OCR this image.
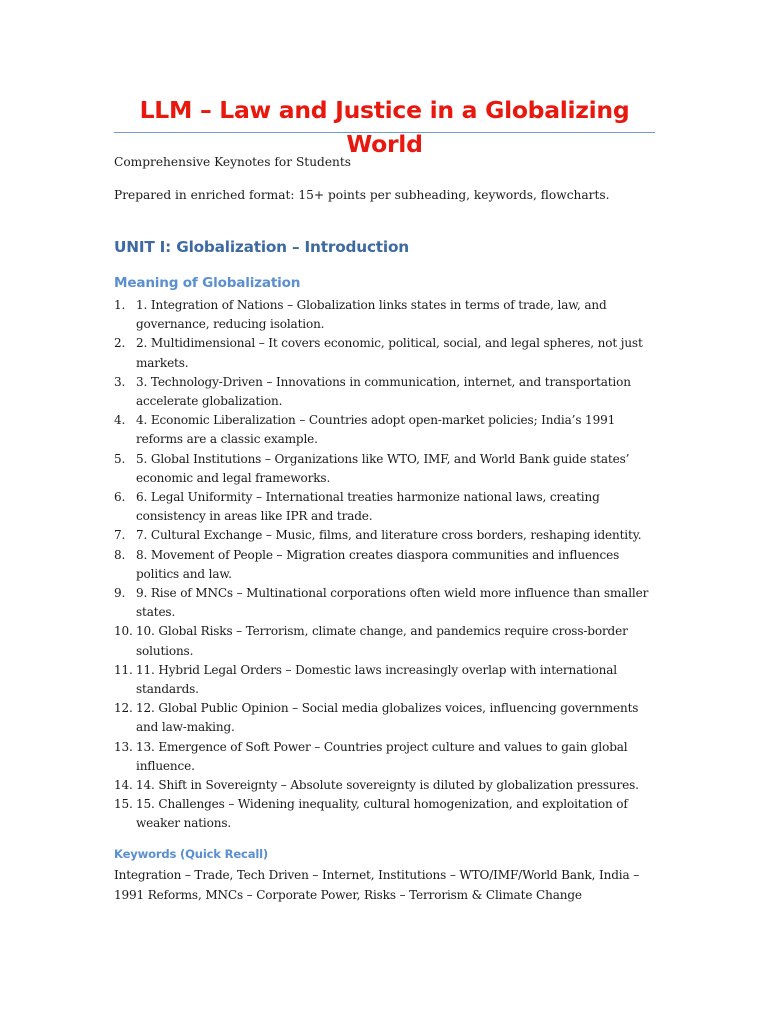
LLM – Law and Justice in a Globalizing World

Comprehensive Keynotes for Students

Prepared in enriched format: 15+ points per subheading, keywords, flowcharts.

UNIT I: Globalization – Introduction
Meaning of Globalization
1. 1. Integration of Nations – Globalization links states in terms of trade, law, and governance, reducing isolation.
2. 2. Multidimensional – It covers economic, political, social, and legal spheres, not just markets.
3. 3. Technology-Driven – Innovations in communication, internet, and transportation accelerate globalization.
4. 4. Economic Liberalization – Countries adopt open-market policies; India’s 1991 reforms are a classic example.
5. 5. Global Institutions – Organizations like WTO, IMF, and World Bank guide states’ economic and legal frameworks.
6. 6. Legal Uniformity – International treaties harmonize national laws, creating consistency in areas like IPR and trade.
7. 7. Cultural Exchange – Music, films, and literature cross borders, reshaping identity.
8. 8. Movement of People – Migration creates diaspora communities and influences politics and law.
9. 9. Rise of MNCs – Multinational corporations often wield more influence than smaller states.
10. 10. Global Risks – Terrorism, climate change, and pandemics require cross-border solutions.
11. 11. Hybrid Legal Orders – Domestic laws increasingly overlap with international standards.
12. 12. Global Public Opinion – Social media globalizes voices, influencing governments and law-making.
13. 13. Emergence of Soft Power – Countries project culture and values to gain global influence.
14. 14. Shift in Sovereignty – Absolute sovereignty is diluted by globalization pressures.
15. 15. Challenges – Widening inequality, cultural homogenization, and exploitation of weaker nations.
Keywords (Quick Recall)

Integration – Trade, Tech Driven – Internet, Institutions – WTO/IMF/World Bank, India – 1991 Reforms, MNCs – Corporate Power, Risks – Terrorism & Climate Change
